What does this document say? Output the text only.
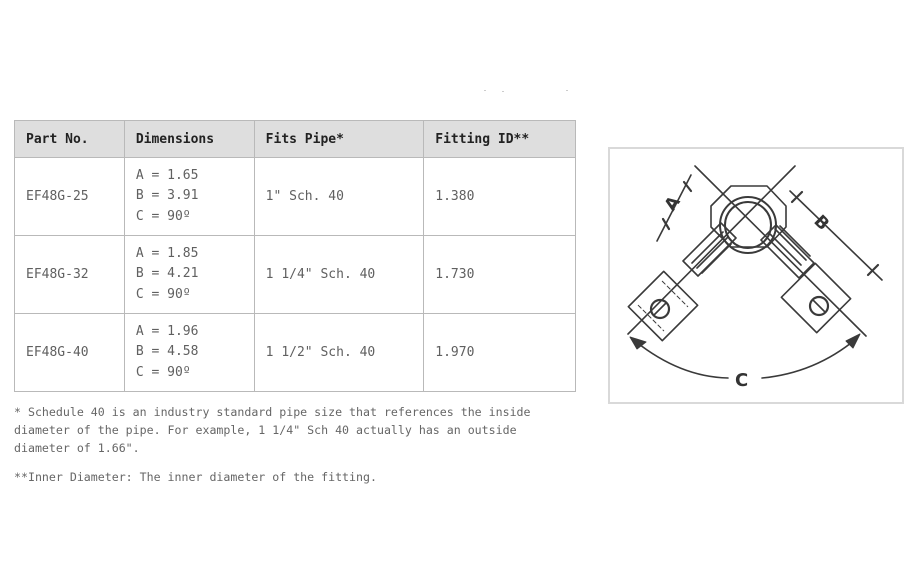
Part No.	Dimensions	Fits Pipe*	Fitting ID**
EF48G-25	A = 1.65
B = 3.91
C = 90º	1" Sch. 40	1.380
EF48G-32	A = 1.85
B = 4.21
C = 90º	1 1/4" Sch. 40	1.730
EF48G-40	A = 1.96
B = 4.58
C = 90º	1 1/2" Sch. 40	1.970

* Schedule 40 is an industry standard pipe size that references the inside diameter of the pipe. For example, 1 1/4" Sch 40 actually has an outside diameter of 1.66".

**Inner Diameter: The inner diameter of the fitting.

A
B
C
